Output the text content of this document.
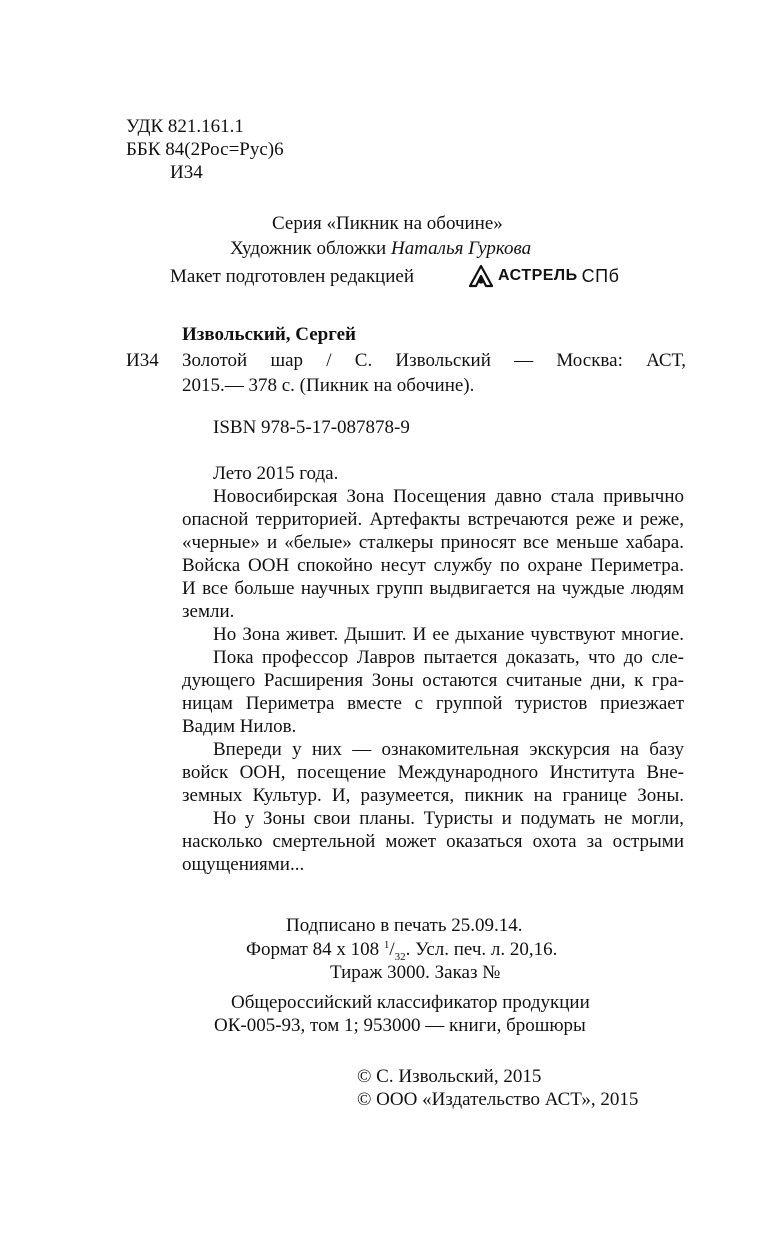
УДК 821.161.1
ББК 84(2Рос=Рус)6
И34
Серия «Пикник на обочине»
Художник обложки Наталья Гуркова
Макет подготовлен редакцией	АСТРЕЛЬ СПб
Извольский, Сергей
И34 Золотой шар / С. Извольский — Москва: АСТ,
2015.— 378 с. (Пикник на обочине).
ISBN 978-5-17-087878-9
Лето 2015 года.
Новосибирская Зона Посещения давно стала привычно
опасной территорией. Артефакты встречаются реже и реже,
«черные» и «белые» сталкеры приносят все меньше хабара.
Войска ООН спокойно несут службу по охране Периметра.
И все больше научных групп выдвигается на чуждые людям
земли.
Но Зона живет. Дышит. И ее дыхание чувствуют многие.
Пока профессор Лавров пытается доказать, что до сле-
дующего Расширения Зоны остаются считаные дни, к гра-
ницам Периметра вместе с группой туристов приезжает
Вадим Нилов.
Впереди у них — ознакомительная экскурсия на базу
войск ООН, посещение Международного Института Вне-
земных Культур. И, разумеется, пикник на границе Зоны.
Но у Зоны свои планы. Туристы и подумать не могли,
насколько смертельной может оказаться охота за острыми
ощущениями...
Подписано в печать 25.09.14.
Формат 84 x 108 $^1/_{32}$. Усл. печ. л. 20,16.
Тираж 3000. Заказ №
Общероссийский классификатор продукции
ОК-005-93, том 1; 953000 — книги, брошюры
© С. Извольский, 2015
© ООО «Издательство АСТ», 2015
